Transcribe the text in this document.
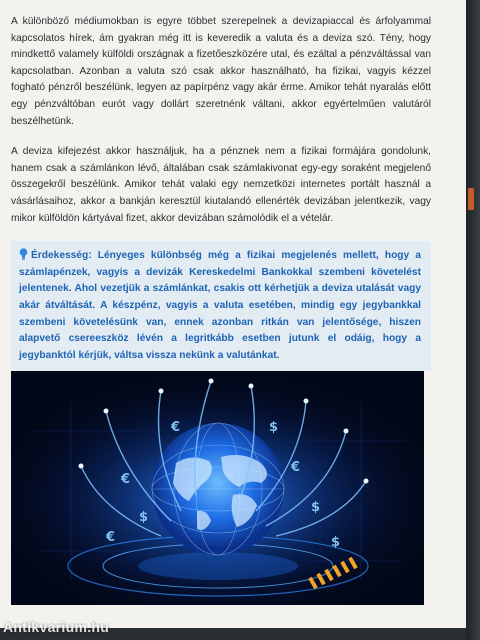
A különböző médiumokban is egyre többet szerepelnek a devizapiaccal és árfolyammal kapcsolatos hírek, ám gyakran még itt is keveredik a valuta és a deviza szó. Tény, hogy mindkettő valamely külföldi országnak a fizetőeszközére utal, és ezáltal a pénzváltással van kapcsolatban. Azonban a valuta szó csak akkor használható, ha fizikai, vagyis kézzel fogható pénzről beszélünk, legyen az papírpénz vagy akár érme. Amikor tehát nyaralás előtt egy pénzváltóban eurót vagy dollárt szeretnénk váltani, akkor egyértelműen valutáról beszélhetünk.

A deviza kifejezést akkor használjuk, ha a pénznek nem a fizikai formájára gondolunk, hanem csak a számlánkon lévő, általában csak számlakivonat egy-egy soraként megjelenő összegekről beszélünk. Amikor tehát valaki egy nemzetközi internetes portált használ a vásárlásaihoz, akkor a bankján keresztül kiutalandó ellenérték devizában jelentkezik, vagy mikor külföldön kártyával fizet, akkor devizában számolódik el a vételár.

Érdekesség: Lényeges különbség még a fizikai megjelenés mellett, hogy a számlapénzek, vagyis a devizák Kereskedelmi Bankokkal szembeni követelést jelentenek. Ahol vezetjük a számlánkat, csakis ott kérhetjük a deviza utalását vagy akár átváltását. A készpénz, vagyis a valuta esetében, mindig egy jegybankkal szembeni követelésünk van, ennek azonban ritkán van jelentősége, hiszen alapvető csereeszköz lévén a legritkább esetben jutunk el odáig, hogy a jegybanktól kérjük, váltsa vissza nekünk a valutánkat.
€
$
€
$
$
€
€	$
Antikvarium.hu
